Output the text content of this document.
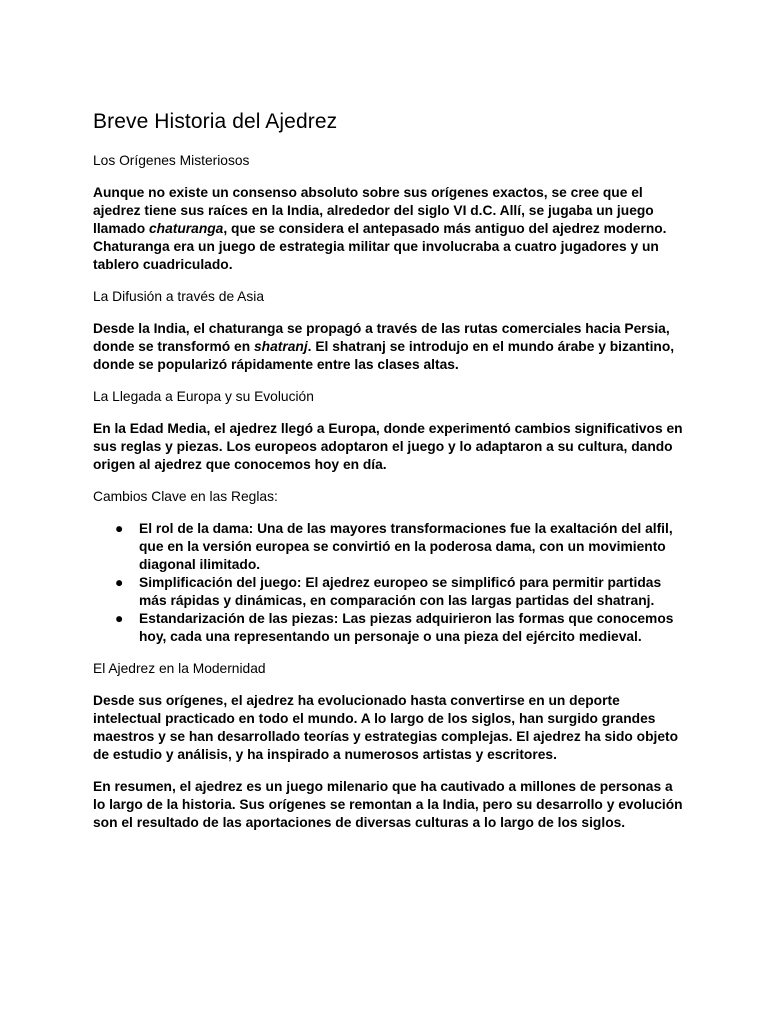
Breve Historia del Ajedrez
Los Orígenes Misteriosos

Aunque no existe un consenso absoluto sobre sus orígenes exactos, se cree que el ajedrez tiene sus raíces en la India, alrededor del siglo VI d.C. Allí, se jugaba un juego llamado chaturanga, que se considera el antepasado más antiguo del ajedrez moderno. Chaturanga era un juego de estrategia militar que involucraba a cuatro jugadores y un tablero cuadriculado.

La Difusión a través de Asia

Desde la India, el chaturanga se propagó a través de las rutas comerciales hacia Persia, donde se transformó en shatranj. El shatranj se introdujo en el mundo árabe y bizantino, donde se popularizó rápidamente entre las clases altas.

La Llegada a Europa y su Evolución

En la Edad Media, el ajedrez llegó a Europa, donde experimentó cambios significativos en sus reglas y piezas. Los europeos adoptaron el juego y lo adaptaron a su cultura, dando origen al ajedrez que conocemos hoy en día.

Cambios Clave en las Reglas:
● El rol de la dama: Una de las mayores transformaciones fue la exaltación del alfil, que en la versión europea se convirtió en la poderosa dama, con un movimiento diagonal ilimitado.
● Simplificación del juego: El ajedrez europeo se simplificó para permitir partidas más rápidas y dinámicas, en comparación con las largas partidas del shatranj.
● Estandarización de las piezas: Las piezas adquirieron las formas que conocemos hoy, cada una representando un personaje o una pieza del ejército medieval.
El Ajedrez en la Modernidad

Desde sus orígenes, el ajedrez ha evolucionado hasta convertirse en un deporte intelectual practicado en todo el mundo. A lo largo de los siglos, han surgido grandes maestros y se han desarrollado teorías y estrategias complejas. El ajedrez ha sido objeto de estudio y análisis, y ha inspirado a numerosos artistas y escritores.

En resumen, el ajedrez es un juego milenario que ha cautivado a millones de personas a lo largo de la historia. Sus orígenes se remontan a la India, pero su desarrollo y evolución son el resultado de las aportaciones de diversas culturas a lo largo de los siglos.
